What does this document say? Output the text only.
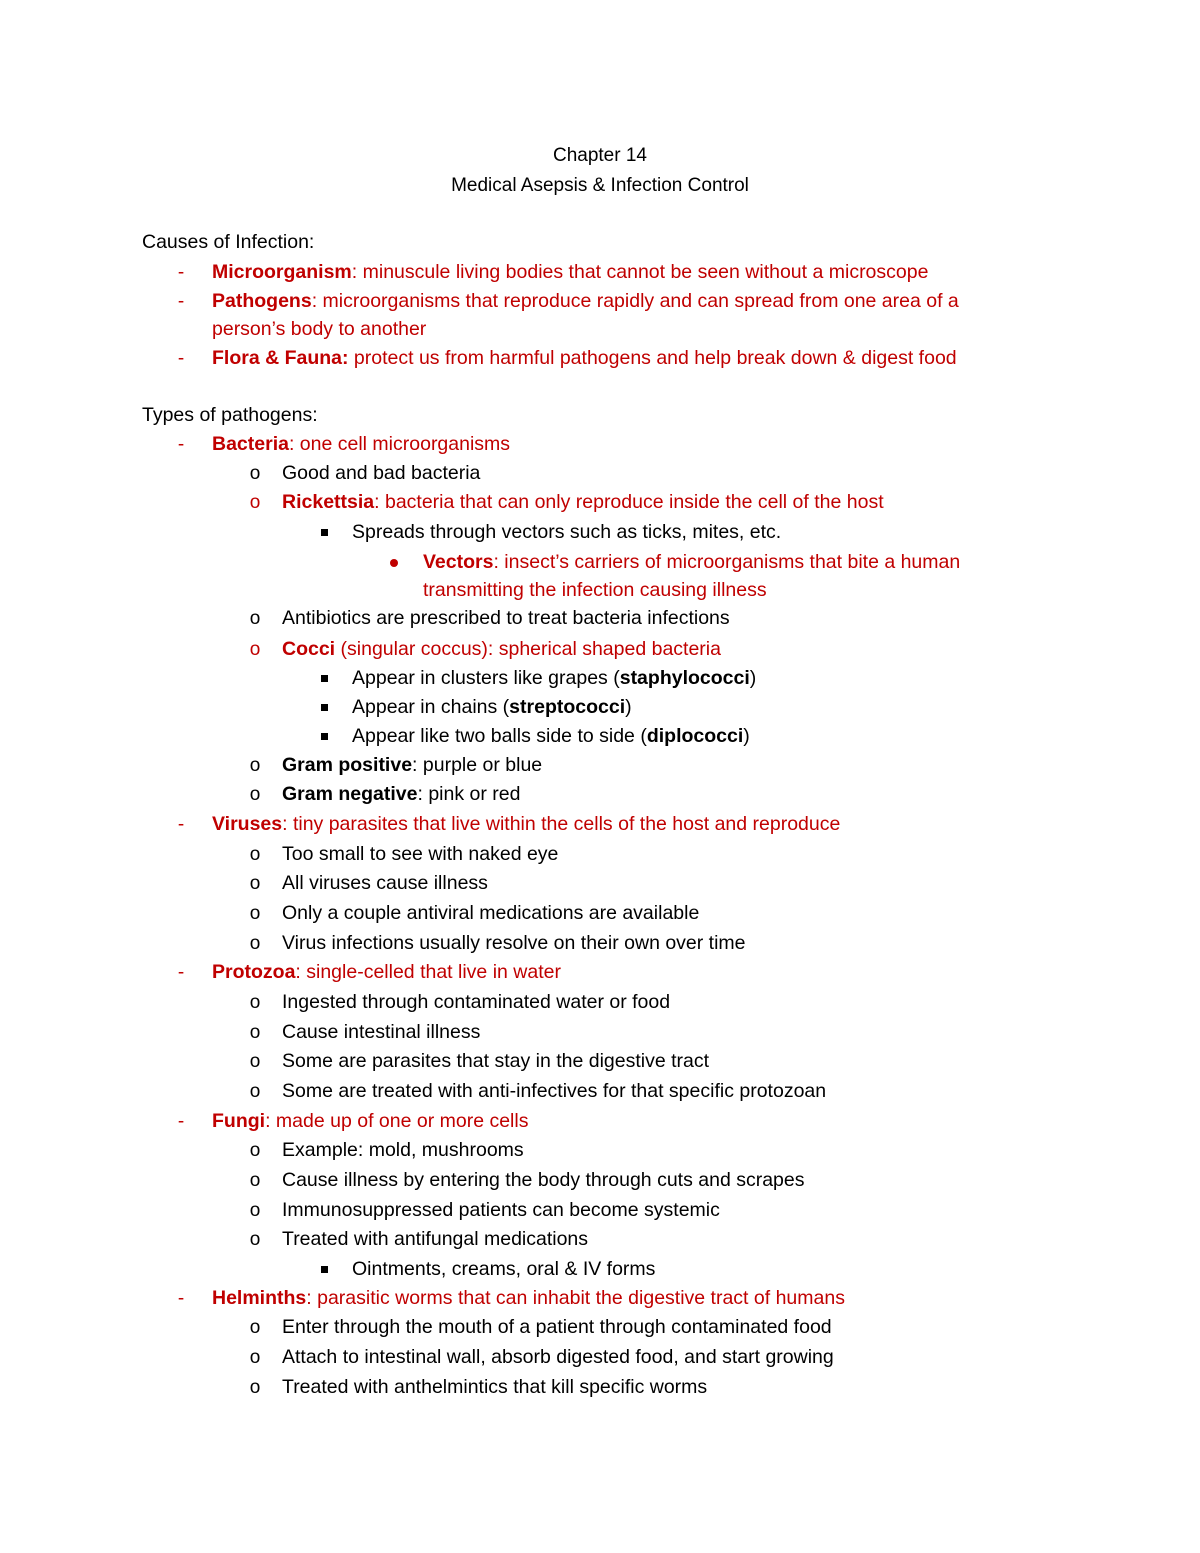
Chapter 14
Medical Asepsis & Infection Control
Causes of Infection:
- Microorganism: minuscule living bodies that cannot be seen without a microscope
- Pathogens: microorganisms that reproduce rapidly and can spread from one area of a
person’s body to another
- Flora & Fauna: protect us from harmful pathogens and help break down & digest food
Types of pathogens:
- Bacteria: one cell microorganisms
o Good and bad bacteria
o Rickettsia: bacteria that can only reproduce inside the cell of the host
Spreads through vectors such as ticks, mites, etc.
Vectors: insect’s carriers of microorganisms that bite a human
transmitting the infection causing illness
o Antibiotics are prescribed to treat bacteria infections
o Cocci (singular coccus): spherical shaped bacteria
Appear in clusters like grapes (staphylococci)
Appear in chains (streptococci)
Appear like two balls side to side (diplococci)
o Gram positive: purple or blue
o Gram negative: pink or red
- Viruses: tiny parasites that live within the cells of the host and reproduce
o Too small to see with naked eye
o All viruses cause illness
o Only a couple antiviral medications are available
o Virus infections usually resolve on their own over time
- Protozoa: single-celled that live in water
o Ingested through contaminated water or food
o Cause intestinal illness
o Some are parasites that stay in the digestive tract
o Some are treated with anti-infectives for that specific protozoan
- Fungi: made up of one or more cells
o Example: mold, mushrooms
o Cause illness by entering the body through cuts and scrapes
o Immunosuppressed patients can become systemic
o Treated with antifungal medications
Ointments, creams, oral & IV forms
- Helminths: parasitic worms that can inhabit the digestive tract of humans
o Enter through the mouth of a patient through contaminated food
o Attach to intestinal wall, absorb digested food, and start growing
o Treated with anthelmintics that kill specific worms
